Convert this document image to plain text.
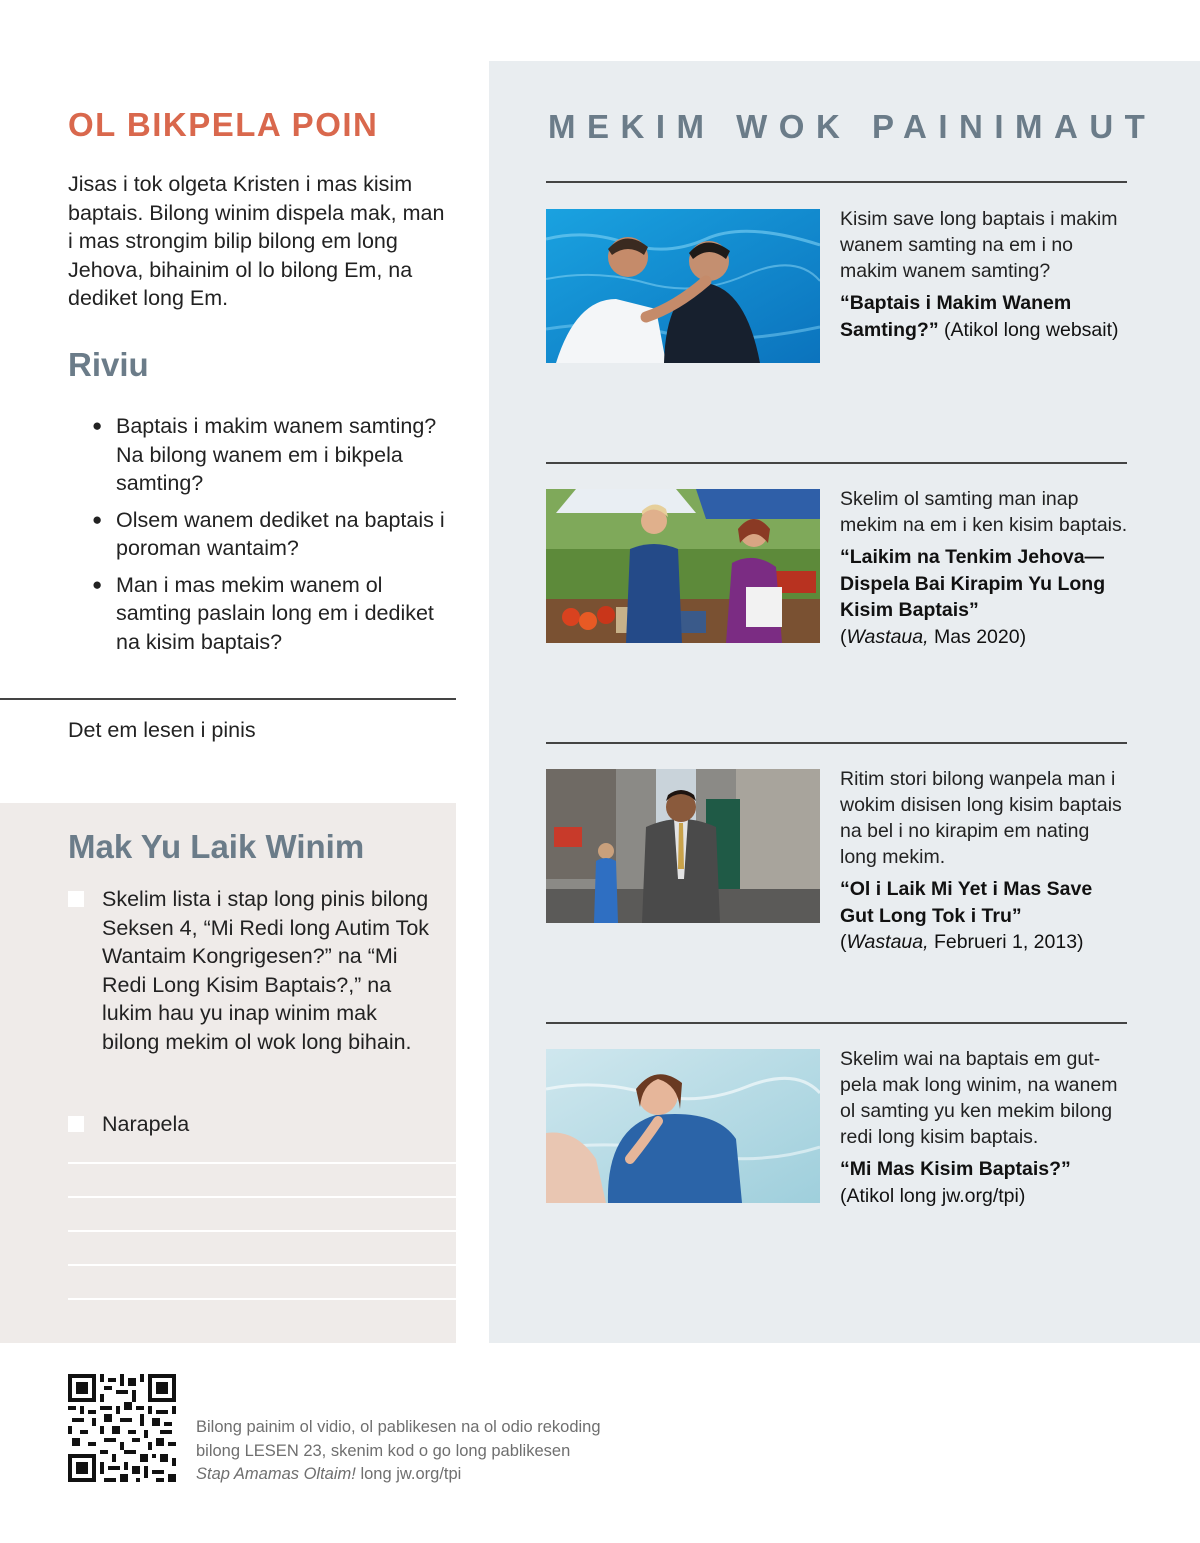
OL BIKPELA POIN

Jisas i tok olgeta Kristen i mas kisim baptais. Bilong winim dispela mak, man i mas strongim bilip bilong em long Jehova, bihainim ol lo bilong Em, na dediket long Em.

Riviu
● Baptais i makim wanem samting? Na bilong wanem em i bikpela samting?
● Olsem wanem dediket na baptais i poroman wantaim?
● Man i mas mekim wanem ol samting paslain long em i dediket na kisim baptais?
Det em lesen i pinis
Mak Yu Laik Winim
Skelim lista i stap long pinis bilong Seksen 4, “Mi Redi long Autim Tok Wantaim Kongrigesen?” na “Mi Redi Long Kisim Baptais?,” na lukim hau yu inap winim mak bilong mekim ol wok long bihain.
Narapela
MEKIM WOK PAINIMAUT
Kisim save long baptais i makim wanem samting na em i no makim wanem samting?
“Baptais i Makim Wanem Samting?” (Atikol long websait)
Skelim ol samting man inap mekim na em i ken kisim baptais.
“Laikim na Tenkim Jehova—Dispela Bai Kirapim Yu Long Kisim Baptais”
(Wastaua, Mas 2020)
Ritim stori bilong wanpela man i wokim disisen long kisim baptais na bel i no kirapim em nating long mekim.
“Ol i Laik Mi Yet i Mas Save Gut Long Tok i Tru”
(Wastaua, Februeri 1, 2013)
Skelim wai na baptais em gutpela mak long winim, na wanem ol samting yu ken mekim bilong redi long kisim baptais.
“Mi Mas Kisim Baptais?”
(Atikol long jw.org/tpi)
Bilong painim ol vidio, ol pablikesen na ol odio rekoding
bilong LESEN 23, skenim kod o go long pablikesen
Stap Amamas Oltaim! long jw.org/tpi
